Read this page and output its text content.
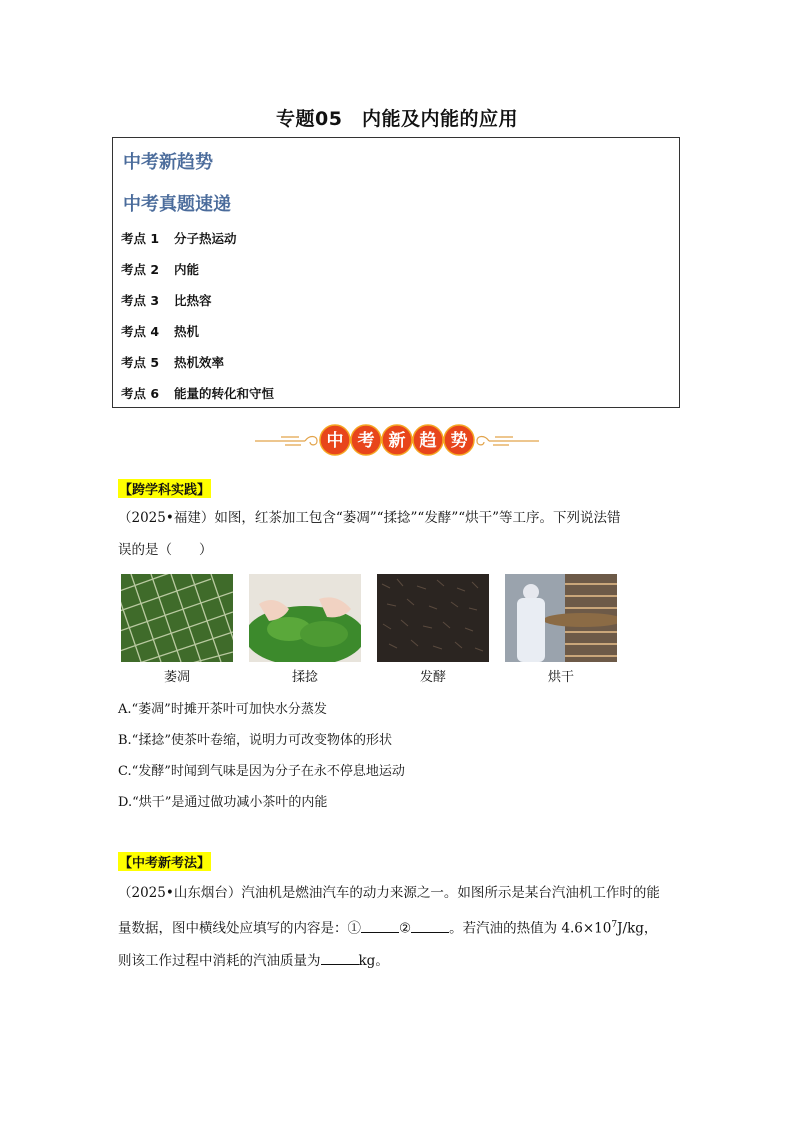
专题05　内能及内能的应用
中考新趋势
中考真题速递
考点 1 分子热运动
考点 2 内能
考点 3 比热容
考点 4 热机
考点 5 热机效率
考点 6 能量的转化和守恒
中 考 新 趋 势
【跨学科实践】
（2025•福建）如图，红茶加工包含“萎凋”“揉捻”“发酵”“烘干”等工序。下列说法错
误的是（　　）
萎凋	揉捻	发酵	烘干
A.“萎凋”时摊开茶叶可加快水分蒸发
B.“揉捻”使茶叶卷缩，说明力可改变物体的形状
C.“发酵”时闻到气味是因为分子在永不停息地运动
D.“烘干”是通过做功减小茶叶的内能
【中考新考法】
（2025•山东烟台）汽油机是燃油汽车的动力来源之一。如图所示是某台汽油机工作时的能
量数据，图中横线处应填写的内容是：①	②	。若汽油的热值为 $4.6\times 10^7J/kg$，
则该工作过程中消耗的汽油质量为	kg。
